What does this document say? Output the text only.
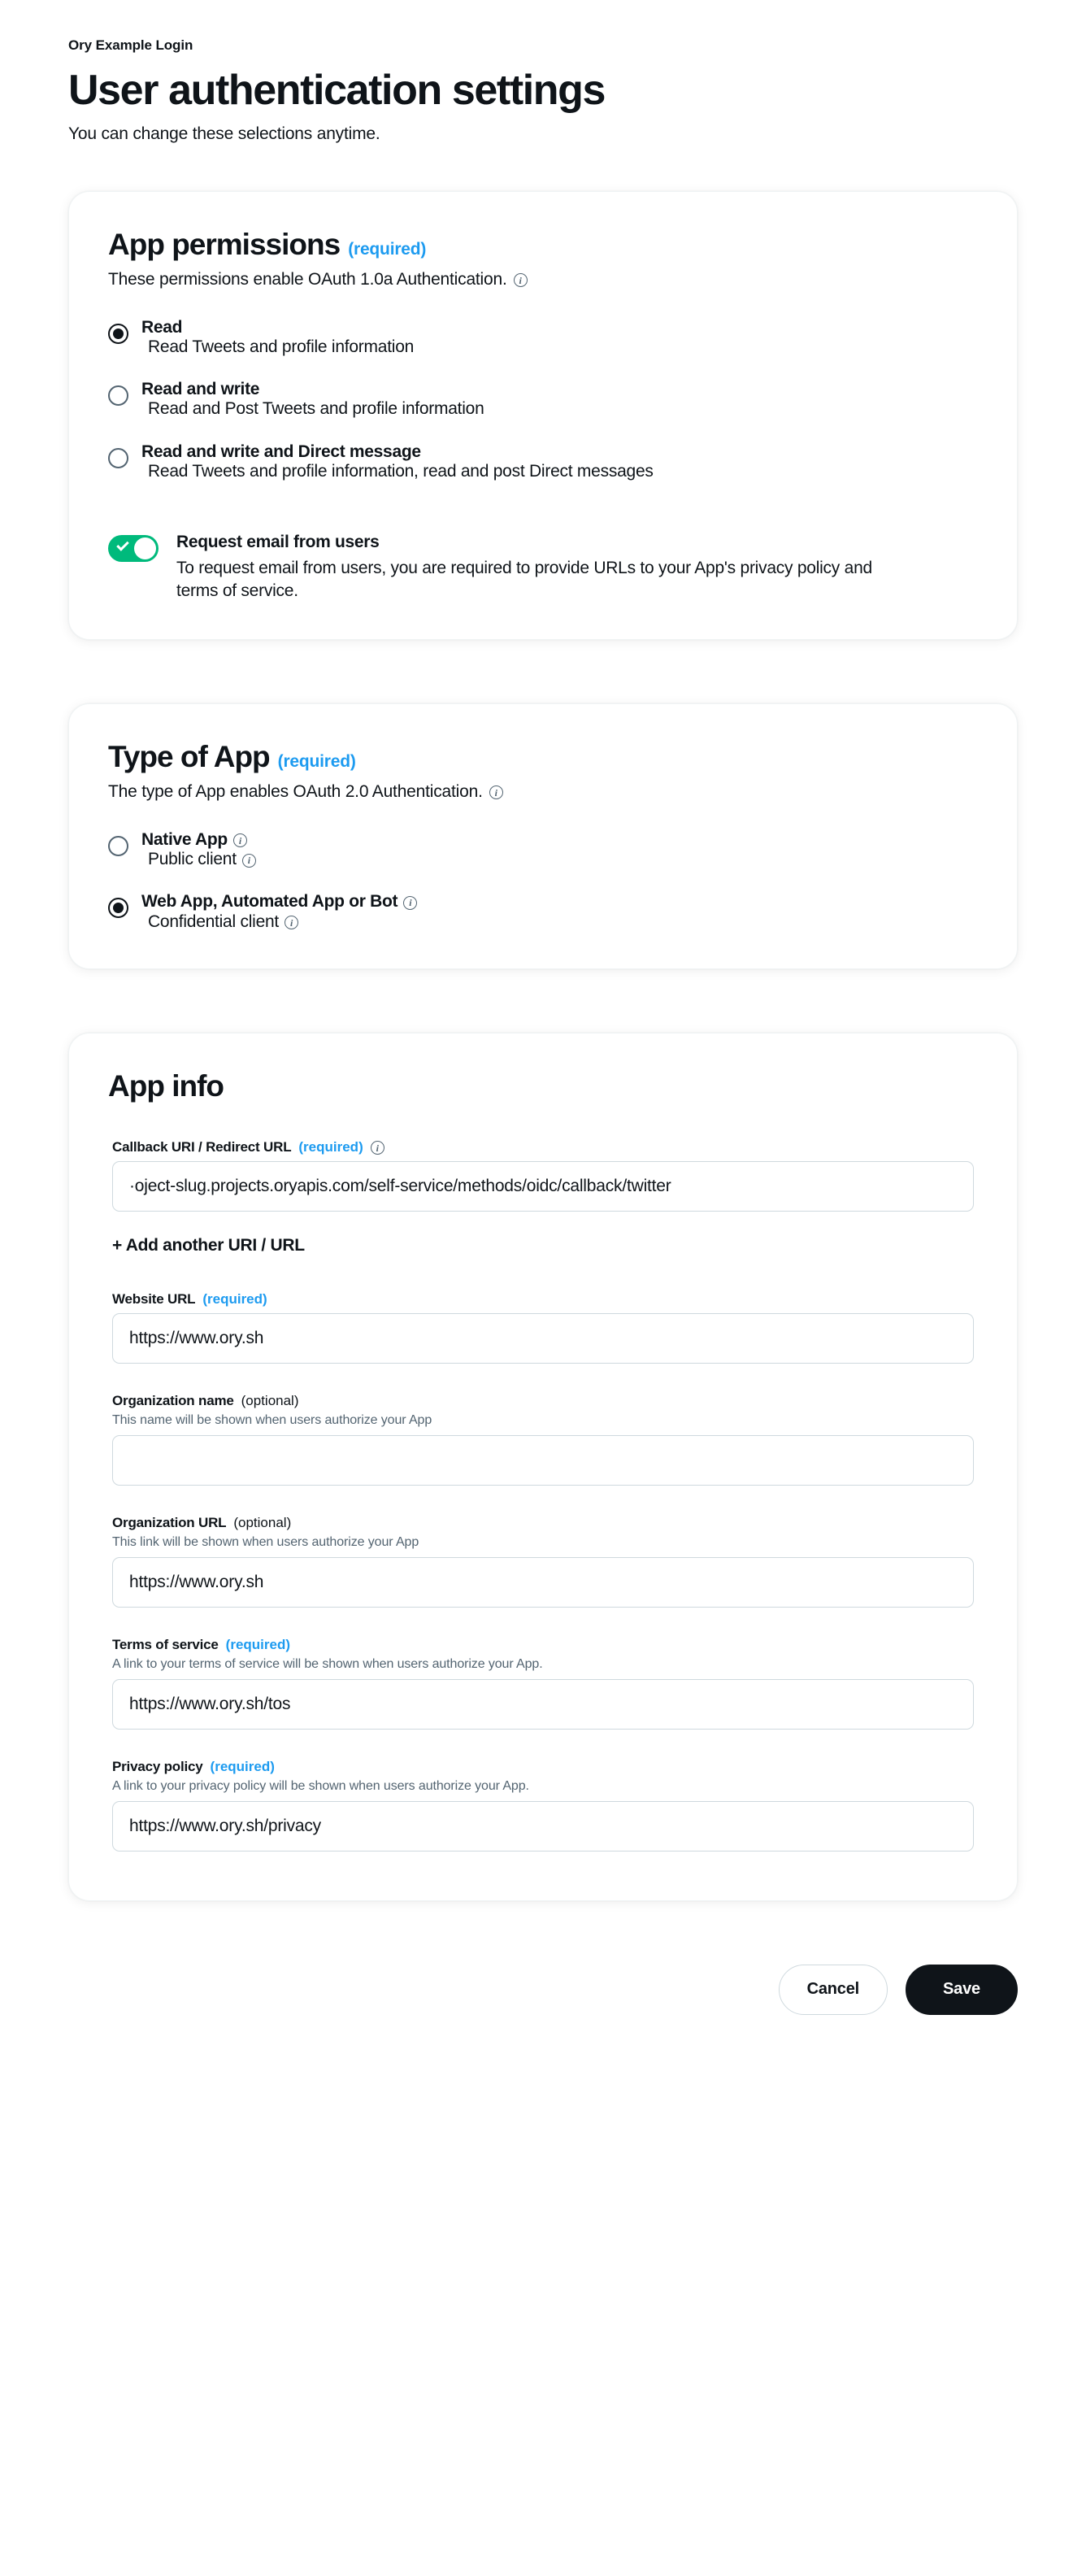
Ory Example Login
User authentication settings

You can change these selections anytime.

App permissions (required)

These permissions enable OAuth 1.0a Authentication.	i

Read
Read Tweets and profile information
Read and write
Read and Post Tweets and profile information
Read and write and Direct message
Read Tweets and profile information, read and post Direct messages
Request email from users
To request email from users, you are required to provide URLs to your App's privacy policy and terms of service.
Type of App (required)

The type of App enables OAuth 2.0 Authentication.	i

Native App	i
Public client	i
Web App, Automated App or Bot	i
Confidential client	i
App info
Callback URI / Redirect URL (required)	i
·oject-slug.projects.oryapis.com/self-service/methods/oidc/callback/twitter
+ Add another URI / URL
Website URL (required)
https://www.ory.sh
Organization name (optional)
This name will be shown when users authorize your App
Organization URL (optional)
This link will be shown when users authorize your App
https://www.ory.sh
Terms of service (required)
A link to your terms of service will be shown when users authorize your App.
https://www.ory.sh/tos
Privacy policy (required)
A link to your privacy policy will be shown when users authorize your App.
https://www.ory.sh/privacy
Cancel	Save
